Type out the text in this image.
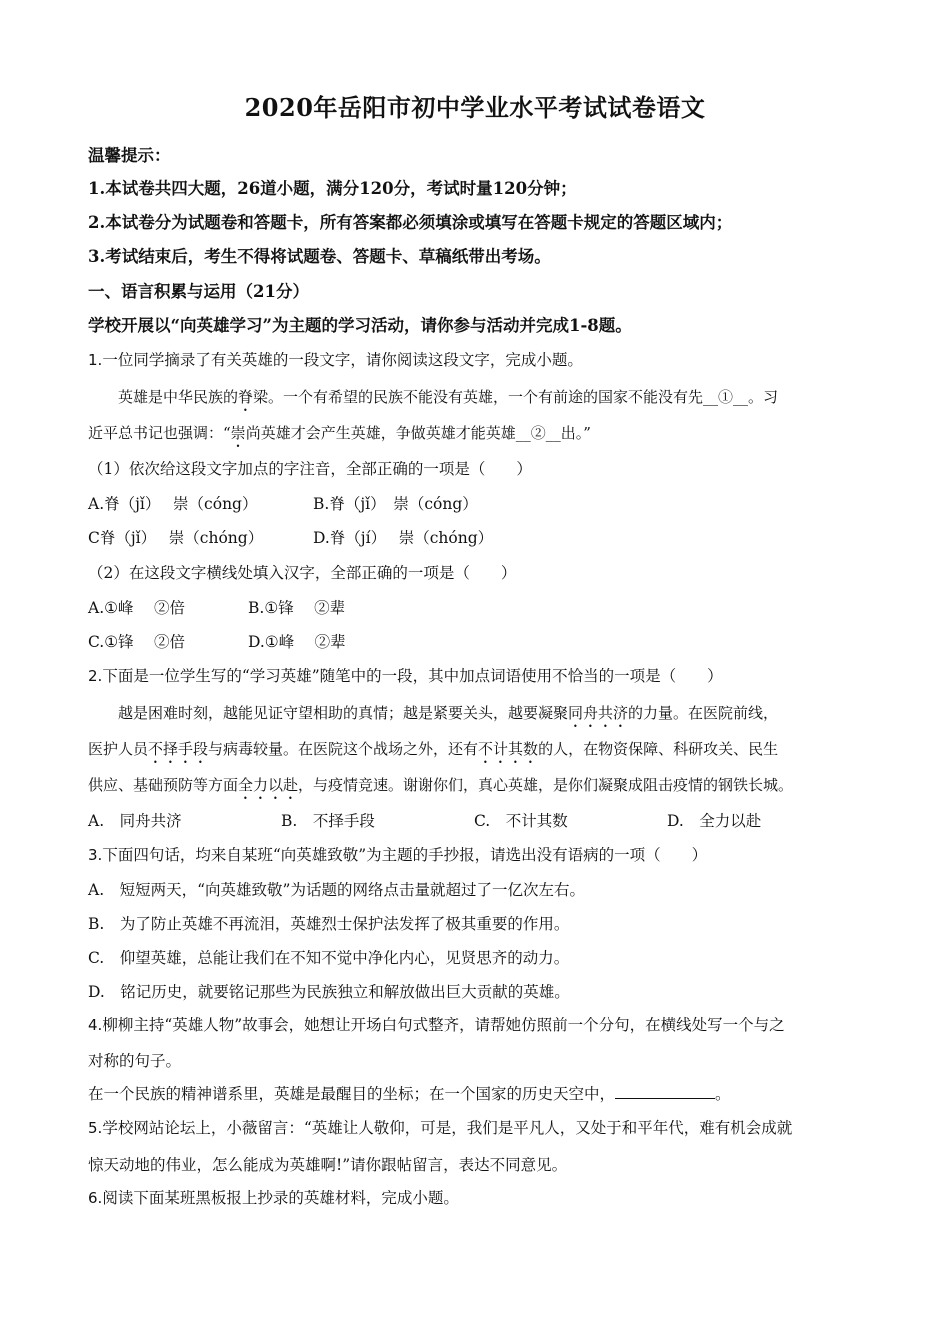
2020年岳阳市初中学业水平考试试卷语文
温馨提示：
1.本试卷共四大题，26道小题，满分120分，考试时量120分钟；
2.本试卷分为试题卷和答题卡，所有答案都必须填涂或填写在答题卡规定的答题区域内；
3.考试结束后，考生不得将试题卷、答题卡、草稿纸带出考场。
一、语言积累与运用（21分）
学校开展以“向英雄学习”为主题的学习活动，请你参与活动并完成1-8题。
1.一位同学摘录了有关英雄的一段文字，请你阅读这段文字，完成小题。
英雄是中华民族的脊梁。一个有希望的民族不能没有英雄，一个有前途的国家不能没有先__①__。习
近平总书记也强调：“崇尚英雄才会产生英雄，争做英雄才能英雄__②__出。”
（1）依次给这段文字加点的字注音，全部正确的一项是（　　）
A.脊（jǐ）　 崇（cóng）	B.脊（jǐ）　崇（cóng）
C脊（jǐ）　 崇（chóng）	D.脊（jí）　 崇（chóng）
（2）在这段文字横线处填入汉字，全部正确的一项是（　　）
A.①峰　 ②倍	B.①锋　 ②辈
C.①锋　 ②倍	D.①峰　 ②辈
2.下面是一位学生写的“学习英雄”随笔中的一段，其中加点词语使用不恰当的一项是（　　）
越是困难时刻，越能见证守望相助的真情；越是紧要关头，越要凝聚同舟共济的力量。在医院前线，
医护人员不择手段与病毒较量。在医院这个战场之外，还有不计其数的人，在物资保障、科研攻关、民生
供应、基础预防等方面全力以赴，与疫情竞速。谢谢你们，真心英雄，是你们凝聚成阻击疫情的钢铁长城。
A.　同舟共济	B.　不择手段	C.　不计其数	D.　全力以赴
3.下面四句话，均来自某班“向英雄致敬”为主题的手抄报，请选出没有语病的一项（　　）
A.　短短两天，“向英雄致敬”为话题的网络点击量就超过了一亿次左右。
B.　为了防止英雄不再流泪，英雄烈士保护法发挥了极其重要的作用。
C.　仰望英雄，总能让我们在不知不觉中净化内心，见贤思齐的动力。
D.　铭记历史，就要铭记那些为民族独立和解放做出巨大贡献的英雄。
4.柳柳主持“英雄人物”故事会，她想让开场白句式整齐，请帮她仿照前一个分句，在横线处写一个与之
对称的句子。
在一个民族的精神谱系里，英雄是最醒目的坐标；在一个国家的历史天空中，	。
5.学校网站论坛上，小薇留言：“英雄让人敬仰，可是，我们是平凡人，又处于和平年代，难有机会成就
惊天动地的伟业，怎么能成为英雄啊!”请你跟帖留言，表达不同意见。
6.阅读下面某班黑板报上抄录的英雄材料，完成小题。
